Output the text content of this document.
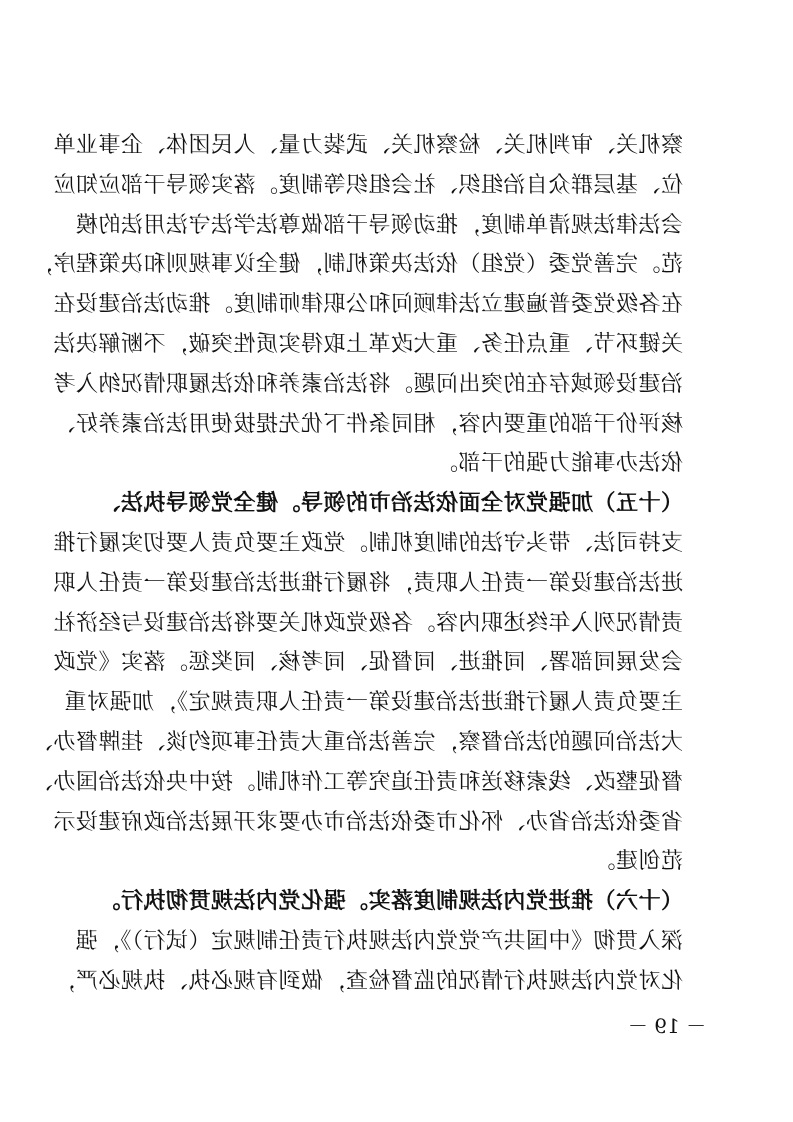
察机关、审判机关、检察机关、武装力量、人民团体、企事业单
位、基层群众自治组织、社会组织等制度。落实领导干部应知应
会法律法规清单制度，推动领导干部做尊法学法守法用法的模
范。完善党委（党组）依法决策机制，健全议事规则和决策程序，
在各级党委普遍建立法律顾问和公职律师制度。推动法治建设在
关键环节、重点任务、重大改革上取得实质性突破，不断解决法
治建设领域存在的突出问题。将法治素养和依法履职情况纳入考
核评价干部的重要内容，相同条件下优先提拔使用法治素养好、
依法办事能力强的干部。
（十五）加强党对全面依法治市的领导。健全党领导执法、
支持司法、带头守法的制度机制。党政主要负责人要切实履行推
进法治建设第一责任人职责，将履行推进法治建设第一责任人职
责情况列入年终述职内容。各级党政机关要将法治建设与经济社
会发展同部署、同推进、同督促、同考核、同奖惩。落实《党政
主要负责人履行推进法治建设第一责任人职责规定》，加强对重
大法治问题的法治督察，完善法治重大责任事项约谈、挂牌督办、
督促整改、线索移送和责任追究等工作机制。按中央依法治国办、
省委依法治省办、怀化市委依法治市办要求开展法治政府建设示
范创建。
（十六）推进党内法规制度落实。强化党内法规贯彻执行。
深入贯彻《中国共产党党内法规执行责任制规定（试行）》，强
化对党内法规执行情况的监督检查，做到有规必执、执规必严，
－ 19 －
